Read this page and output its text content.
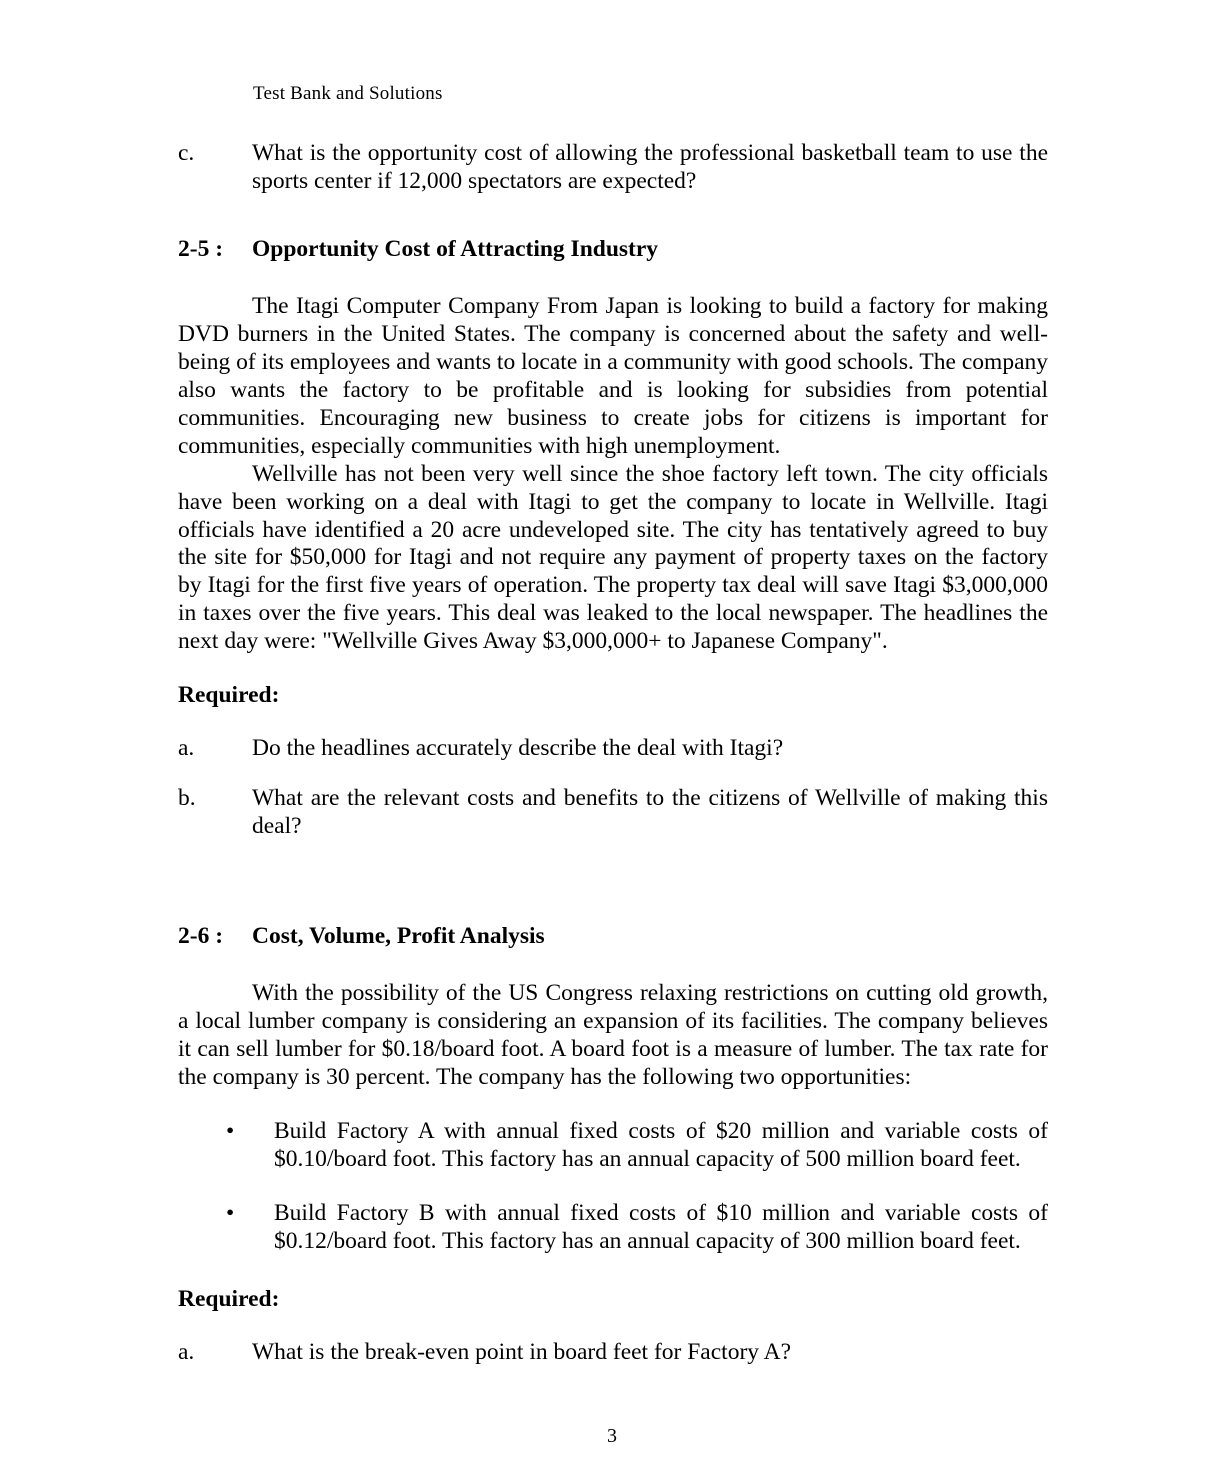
Test Bank and Solutions
c.	What is the opportunity cost of allowing the professional basketball team to use the sports center if 12,000 spectators are expected?
2-5 :	Opportunity Cost of Attracting Industry

The Itagi Computer Company From Japan is looking to build a factory for making DVD burners in the United States. The company is concerned about the safety and well-being of its employees and wants to locate in a community with good schools. The company also wants the factory to be profitable and is looking for subsidies from potential communities. Encouraging new business to create jobs for citizens is important for communities, especially communities with high unemployment.

Wellville has not been very well since the shoe factory left town. The city officials have been working on a deal with Itagi to get the company to locate in Wellville. Itagi officials have identified a 20 acre undeveloped site. The city has tentatively agreed to buy the site for $50,000 for Itagi and not require any payment of property taxes on the factory by Itagi for the first five years of operation. The property tax deal will save Itagi $3,000,000 in taxes over the five years. This deal was leaked to the local newspaper. The headlines the next day were: "Wellville Gives Away $3,000,000+ to Japanese Company".

Required:

a.	Do the headlines accurately describe the deal with Itagi?
b.	What are the relevant costs and benefits to the citizens of Wellville of making this deal?
2-6 :	Cost, Volume, Profit Analysis

With the possibility of the US Congress relaxing restrictions on cutting old growth, a local lumber company is considering an expansion of its facilities. The company believes it can sell lumber for $0.18/board foot. A board foot is a measure of lumber. The tax rate for the company is 30 percent. The company has the following two opportunities:

•	Build Factory A with annual fixed costs of $20 million and variable costs of $0.10/board foot. This factory has an annual capacity of 500 million board feet.
•	Build Factory B with annual fixed costs of $10 million and variable costs of $0.12/board foot. This factory has an annual capacity of 300 million board feet.

Required:

a.	What is the break-even point in board feet for Factory A?
3
